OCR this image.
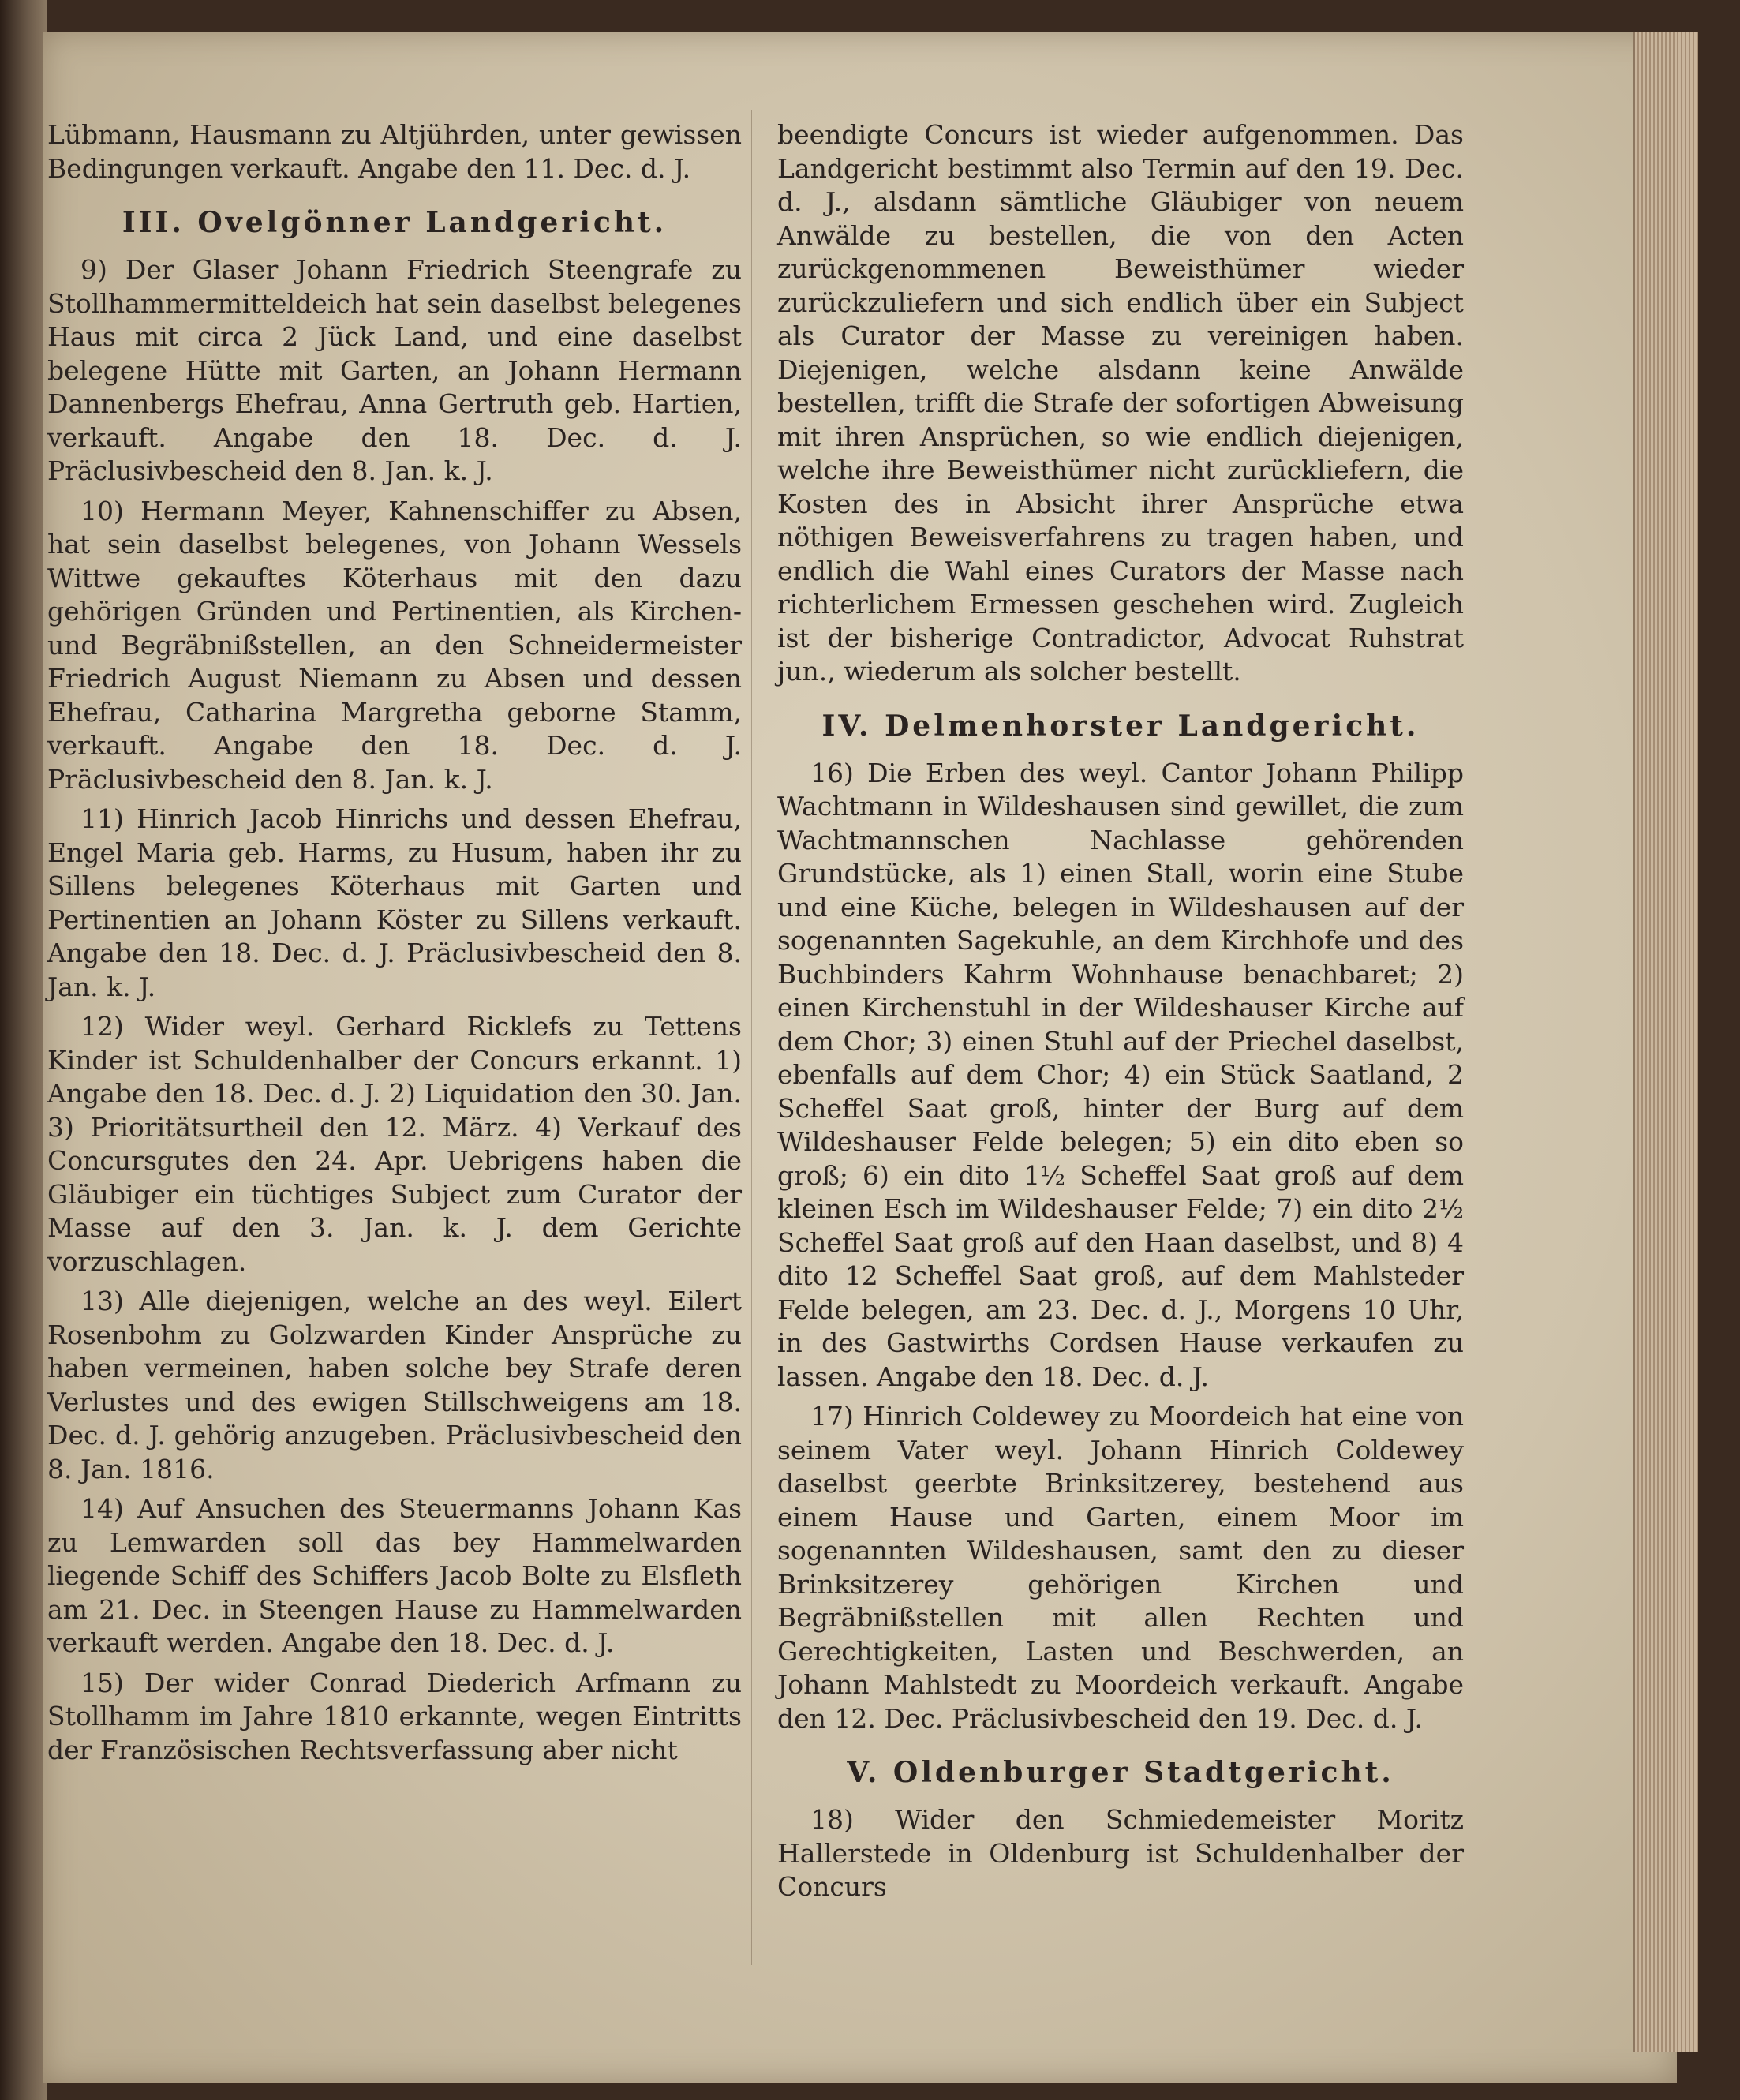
Lübmann, Hausmann zu Altjührden, unter gewissen Bedingungen verkauft. Angabe den 11. Dec. d. J.

III. Ovelgönner Landgericht.

9) Der Glaser Johann Friedrich Steengrafe zu Stollhammermitteldeich hat sein daselbst belegenes Haus mit circa 2 Jück Land, und eine daselbst belegene Hütte mit Garten, an Johann Hermann Dannenbergs Ehefrau, Anna Gertruth geb. Hartien, verkauft. Angabe den 18. Dec. d. J. Präclusivbescheid den 8. Jan. k. J.

10) Hermann Meyer, Kahnenschiffer zu Absen, hat sein daselbst belegenes, von Johann Wessels Wittwe gekauftes Köterhaus mit den dazu gehörigen Gründen und Pertinentien, als Kirchen- und Begräbnißstellen, an den Schneidermeister Friedrich August Niemann zu Absen und dessen Ehefrau, Catharina Margretha geborne Stamm, verkauft. Angabe den 18. Dec. d. J. Präclusivbescheid den 8. Jan. k. J.

11) Hinrich Jacob Hinrichs und dessen Ehefrau, Engel Maria geb. Harms, zu Husum, haben ihr zu Sillens belegenes Köterhaus mit Garten und Pertinentien an Johann Köster zu Sillens verkauft. Angabe den 18. Dec. d. J. Präclusivbescheid den 8. Jan. k. J.

12) Wider weyl. Gerhard Ricklefs zu Tettens Kinder ist Schuldenhalber der Concurs erkannt. 1) Angabe den 18. Dec. d. J. 2) Liquidation den 30. Jan. 3) Prioritätsurtheil den 12. März. 4) Verkauf des Concursgutes den 24. Apr. Uebrigens haben die Gläubiger ein tüchtiges Subject zum Curator der Masse auf den 3. Jan. k. J. dem Gerichte vorzuschlagen.

13) Alle diejenigen, welche an des weyl. Eilert Rosenbohm zu Golzwarden Kinder Ansprüche zu haben vermeinen, haben solche bey Strafe deren Verlustes und des ewigen Stillschweigens am 18. Dec. d. J. gehörig anzugeben. Präclusivbescheid den 8. Jan. 1816.

14) Auf Ansuchen des Steuermanns Johann Kas zu Lemwarden soll das bey Hammelwarden liegende Schiff des Schiffers Jacob Bolte zu Elsfleth am 21. Dec. in Steengen Hause zu Hammelwarden verkauft werden. Angabe den 18. Dec. d. J.

15) Der wider Conrad Diederich Arfmann zu Stollhamm im Jahre 1810 erkannte, wegen Eintritts der Französischen Rechtsverfassung aber nicht

beendigte Concurs ist wieder aufgenommen. Das Landgericht bestimmt also Termin auf den 19. Dec. d. J., alsdann sämtliche Gläubiger von neuem Anwälde zu bestellen, die von den Acten zurückgenommenen Beweisthümer wieder zurückzuliefern und sich endlich über ein Subject als Curator der Masse zu vereinigen haben. Diejenigen, welche alsdann keine Anwälde bestellen, trifft die Strafe der sofortigen Abweisung mit ihren Ansprüchen, so wie endlich diejenigen, welche ihre Beweisthümer nicht zurückliefern, die Kosten des in Absicht ihrer Ansprüche etwa nöthigen Beweisverfahrens zu tragen haben, und endlich die Wahl eines Curators der Masse nach richterlichem Ermessen geschehen wird. Zugleich ist der bisherige Contradictor, Advocat Ruhstrat jun., wiederum als solcher bestellt.

IV. Delmenhorster Landgericht.

16) Die Erben des weyl. Cantor Johann Philipp Wachtmann in Wildeshausen sind gewillet, die zum Wachtmannschen Nachlasse gehörenden Grundstücke, als 1) einen Stall, worin eine Stube und eine Küche, belegen in Wildeshausen auf der sogenannten Sagekuhle, an dem Kirchhofe und des Buchbinders Kahrm Wohnhause benachbaret; 2) einen Kirchenstuhl in der Wildeshauser Kirche auf dem Chor; 3) einen Stuhl auf der Priechel daselbst, ebenfalls auf dem Chor; 4) ein Stück Saatland, 2 Scheffel Saat groß, hinter der Burg auf dem Wildeshauser Felde belegen; 5) ein dito eben so groß; 6) ein dito 1½ Scheffel Saat groß auf dem kleinen Esch im Wildeshauser Felde; 7) ein dito 2½ Scheffel Saat groß auf den Haan daselbst, und 8) 4 dito 12 Scheffel Saat groß, auf dem Mahlsteder Felde belegen, am 23. Dec. d. J., Morgens 10 Uhr, in des Gastwirths Cordsen Hause verkaufen zu lassen. Angabe den 18. Dec. d. J.

17) Hinrich Coldewey zu Moordeich hat eine von seinem Vater weyl. Johann Hinrich Coldewey daselbst geerbte Brinksitzerey, bestehend aus einem Hause und Garten, einem Moor im sogenannten Wildeshausen, samt den zu dieser Brinksitzerey gehörigen Kirchen und Begräbnißstellen mit allen Rechten und Gerechtigkeiten, Lasten und Beschwerden, an Johann Mahlstedt zu Moordeich verkauft. Angabe den 12. Dec. Präclusivbescheid den 19. Dec. d. J.

V. Oldenburger Stadtgericht.

18) Wider den Schmiedemeister Moritz Hallerstede in Oldenburg ist Schuldenhalber der Concurs
